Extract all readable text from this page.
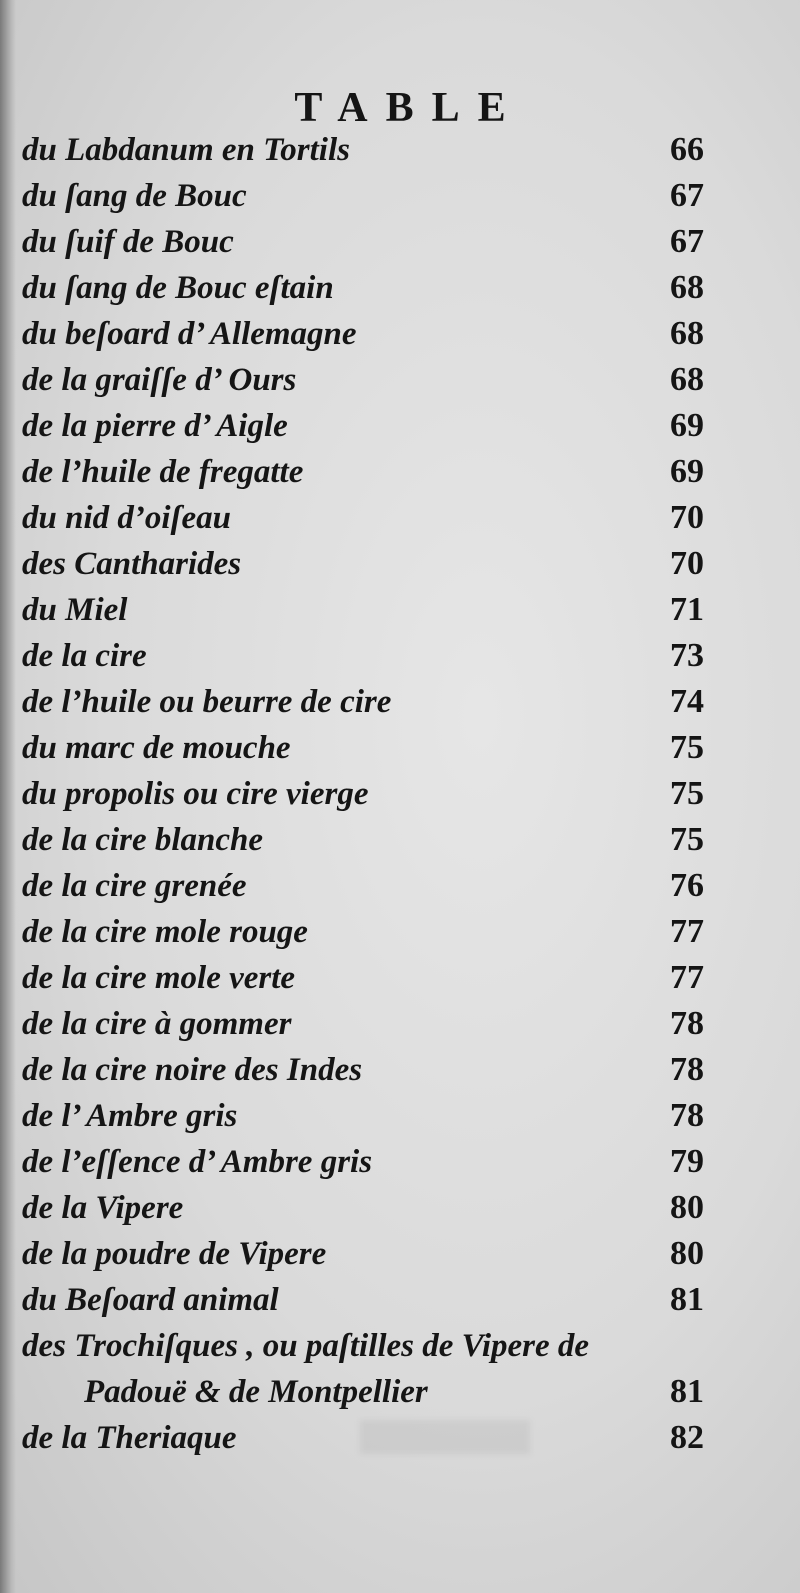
TABLE
du Labdanum en Tortils	66
du ſang de Bouc	67
du ſuif de Bouc	67
du ſang de Bouc eſtain	68
du beſoard d’ Allemagne	68
de la graiſſe d’ Ours	68
de la pierre d’ Aigle	69
de l’huile de fregatte	69
du nid d’oiſeau	70
des Cantharides	70
du Miel	71
de la cire	73
de l’huile ou beurre de cire	74
du marc de mouche	75
du propolis ou cire vierge	75
de la cire blanche	75
de la cire grenée	76
de la cire mole rouge	77
de la cire mole verte	77
de la cire à gommer	78
de la cire noire des Indes	78
de l’ Ambre gris	78
de l’eſſence d’ Ambre gris	79
de la Vipere	80
de la poudre de Vipere	80
du Beſoard animal	81
des Trochiſques , ou paſtilles de Vipere de
Padouë & de Montpellier	81
de la Theriaque	82
